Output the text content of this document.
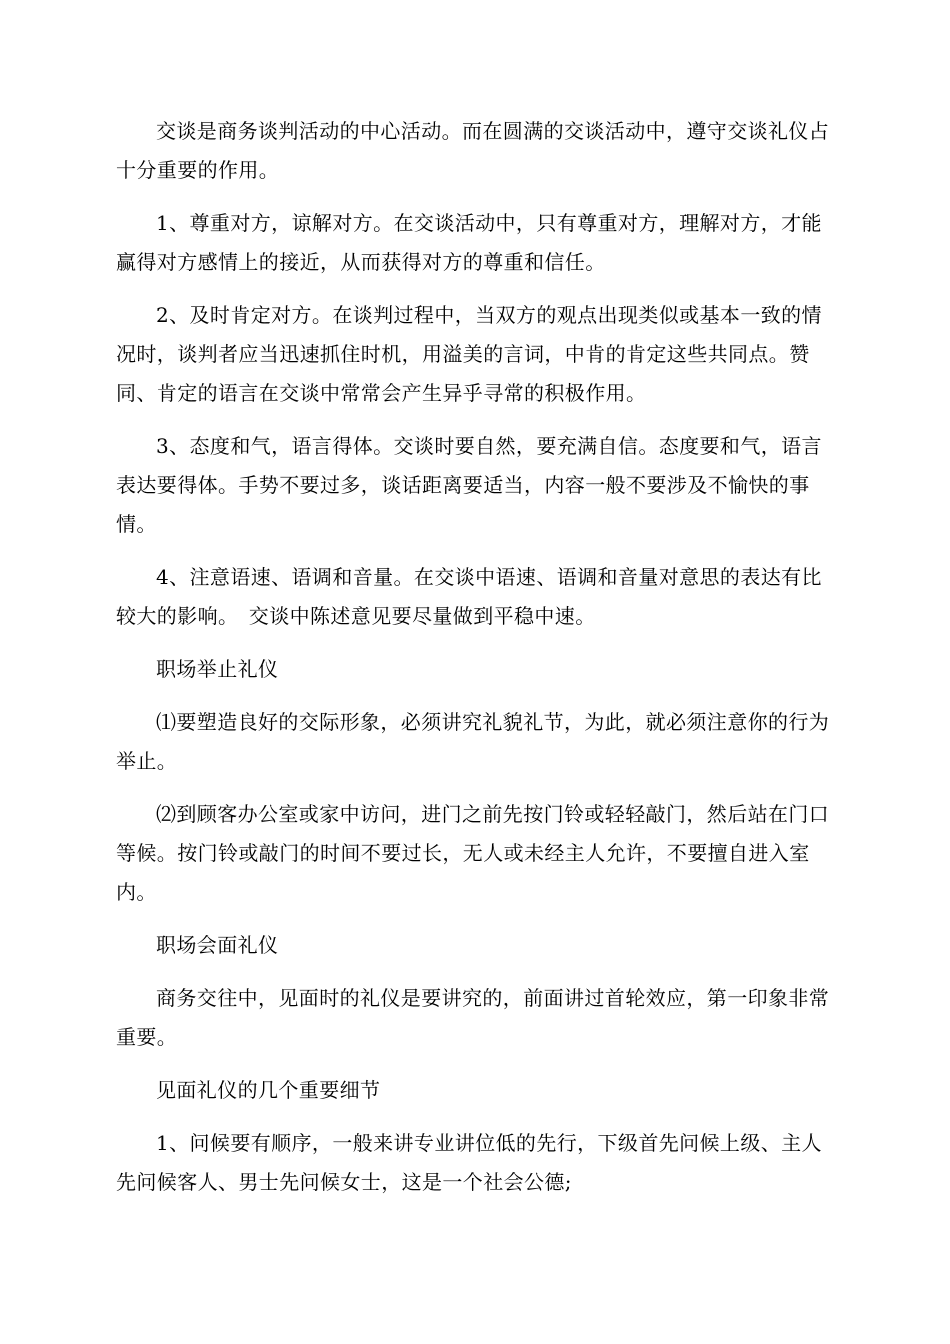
交谈是商务谈判活动的中心活动。而在圆满的交谈活动中，遵守交谈礼仪占十分重要的作用。

1、尊重对方，谅解对方。在交谈活动中，只有尊重对方，理解对方，才能赢得对方感情上的接近，从而获得对方的尊重和信任。

2、及时肯定对方。在谈判过程中，当双方的观点出现类似或基本一致的情况时，谈判者应当迅速抓住时机，用溢美的言词，中肯的肯定这些共同点。赞同、肯定的语言在交谈中常常会产生异乎寻常的积极作用。

3、态度和气，语言得体。交谈时要自然，要充满自信。态度要和气，语言表达要得体。手势不要过多，谈话距离要适当，内容一般不要涉及不愉快的事情。

4、注意语速、语调和音量。在交谈中语速、语调和音量对意思的表达有比较大的影响。　交谈中陈述意见要尽量做到平稳中速。

职场举止礼仪

⑴要塑造良好的交际形象，必须讲究礼貌礼节，为此，就必须注意你的行为举止。

⑵到顾客办公室或家中访问，进门之前先按门铃或轻轻敲门，然后站在门口等候。按门铃或敲门的时间不要过长，无人或未经主人允许，不要擅自进入室内。

职场会面礼仪

商务交往中，见面时的礼仪是要讲究的，前面讲过首轮效应，第一印象非常重要。

见面礼仪的几个重要细节

1、问候要有顺序，一般来讲专业讲位低的先行，下级首先问候上级、主人先问候客人、男士先问候女士，这是一个社会公德;
